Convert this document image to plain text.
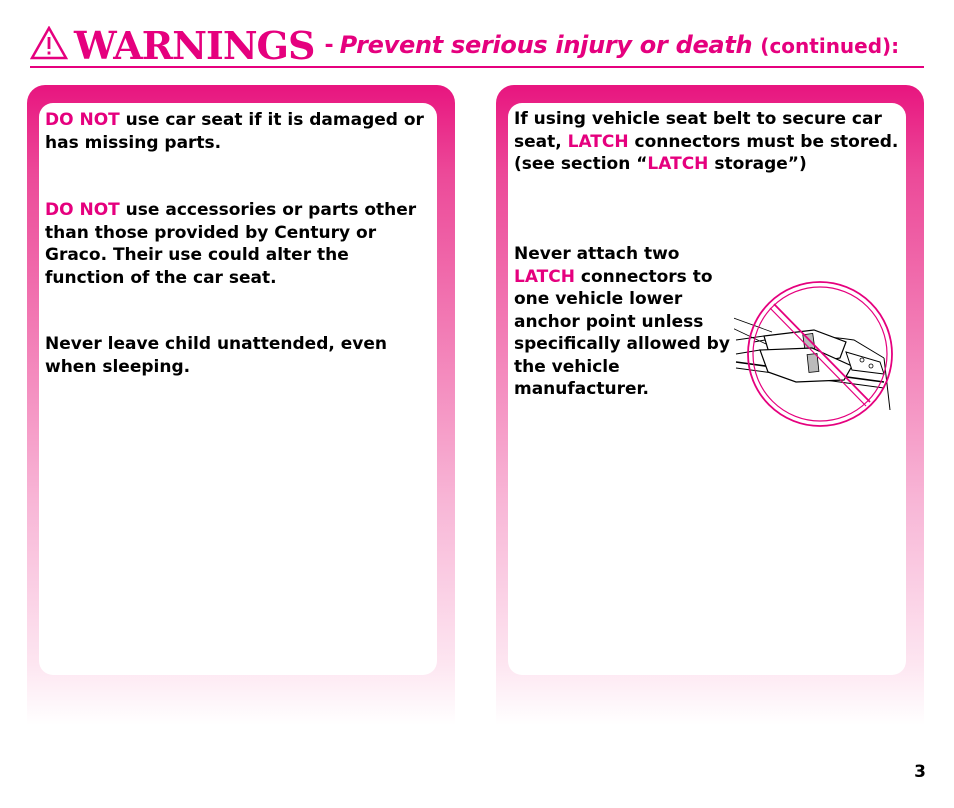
WARNINGS - Prevent serious injury or death (continued):

DO NOT use car seat if it is damaged or has missing parts.

DO NOT use accessories or parts other than those provided by Century or Graco. Their use could alter the function of the car seat.

Never leave child unattended, even when sleeping.

If using vehicle seat belt to secure car seat, LATCH connectors must be stored. (see section “LATCH storage”)

Never attach two LATCH connectors to one vehicle lower anchor point unless specifically allowed by the vehicle manufacturer.

3
